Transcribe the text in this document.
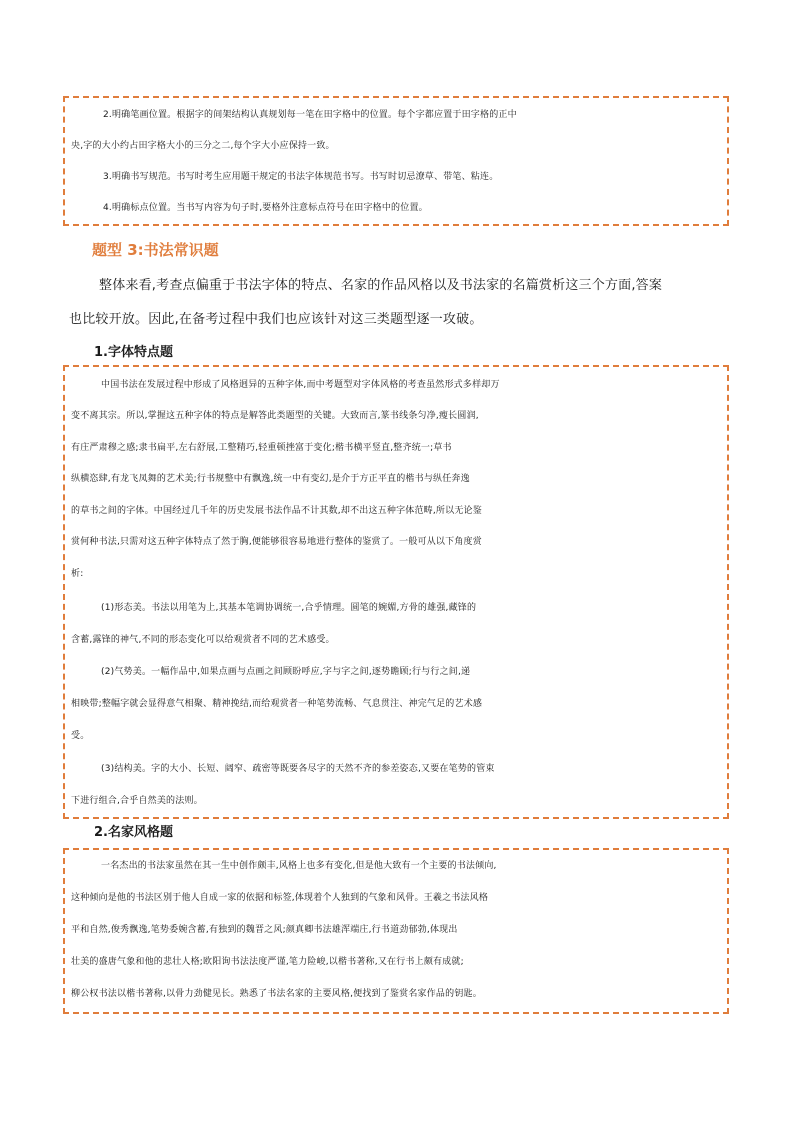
2.明确笔画位置。根据字的间架结构认真规划每一笔在田字格中的位置。每个字都应置于田字格的正中
央,字的大小约占田字格大小的三分之二,每个字大小应保持一致。
3.明确书写规范。书写时考生应用题干规定的书法字体规范书写。书写时切忌潦草、带笔、粘连。
4.明确标点位置。当书写内容为句子时,要格外注意标点符号在田字格中的位置。
题型 3:书法常识题
整体来看,考查点偏重于书法字体的特点、名家的作品风格以及书法家的名篇赏析这三个方面,答案
也比较开放。因此,在备考过程中我们也应该针对这三类题型逐一攻破。
1.字体特点题
中国书法在发展过程中形成了风格迥异的五种字体,而中考题型对字体风格的考查虽然形式多样却万
变不离其宗。所以,掌握这五种字体的特点是解答此类题型的关键。大致而言,篆书线条匀净,瘦长圆润,
有庄严肃穆之感;隶书扁平,左右舒展,工整精巧,轻重顿挫富于变化;楷书横平竖直,整齐统一;草书
纵横恣肆,有龙飞凤舞的艺术美;行书规整中有飘逸,统一中有变幻,是介于方正平直的楷书与纵任奔逸
的草书之间的字体。中国经过几千年的历史发展书法作品不计其数,却不出这五种字体范畴,所以无论鉴
赏何种书法,只需对这五种字体特点了然于胸,便能够很容易地进行整体的鉴赏了。一般可从以下角度赏
析:
(1)形态美。书法以用笔为上,其基本笔调协调统一,合乎情理。圆笔的婉媚,方骨的雄强,藏锋的
含蓄,露锋的神气,不同的形态变化可以给观赏者不同的艺术感受。
(2)气势美。一幅作品中,如果点画与点画之间顾盼呼应,字与字之间,逐势瞻顾;行与行之间,递
相映带;整幅字就会显得意气相聚、精神挽结,而给观赏者一种笔势流畅、气息贯注、神完气足的艺术感
受。
(3)结构美。字的大小、长短、阔窄、疏密等既要各尽字的天然不齐的参差姿态,又要在笔势的管束
下进行组合,合乎自然美的法则。
2.名家风格题
一名杰出的书法家虽然在其一生中创作颇丰,风格上也多有变化,但是他大致有一个主要的书法倾向,
这种倾向是他的书法区别于他人自成一家的依据和标签,体现着个人独到的气象和风骨。王羲之书法风格
平和自然,俊秀飘逸,笔势委婉含蓄,有独到的魏晋之风;颜真卿书法雄浑端庄,行书道劲郁勃,体现出
壮美的盛唐气象和他的悲壮人格;欧阳询书法法度严谨,笔力险峻,以楷书著称,又在行书上颇有成就;
柳公权书法以楷书著称,以骨力劲健见长。熟悉了书法名家的主要风格,便找到了鉴赏名家作品的钥匙。
